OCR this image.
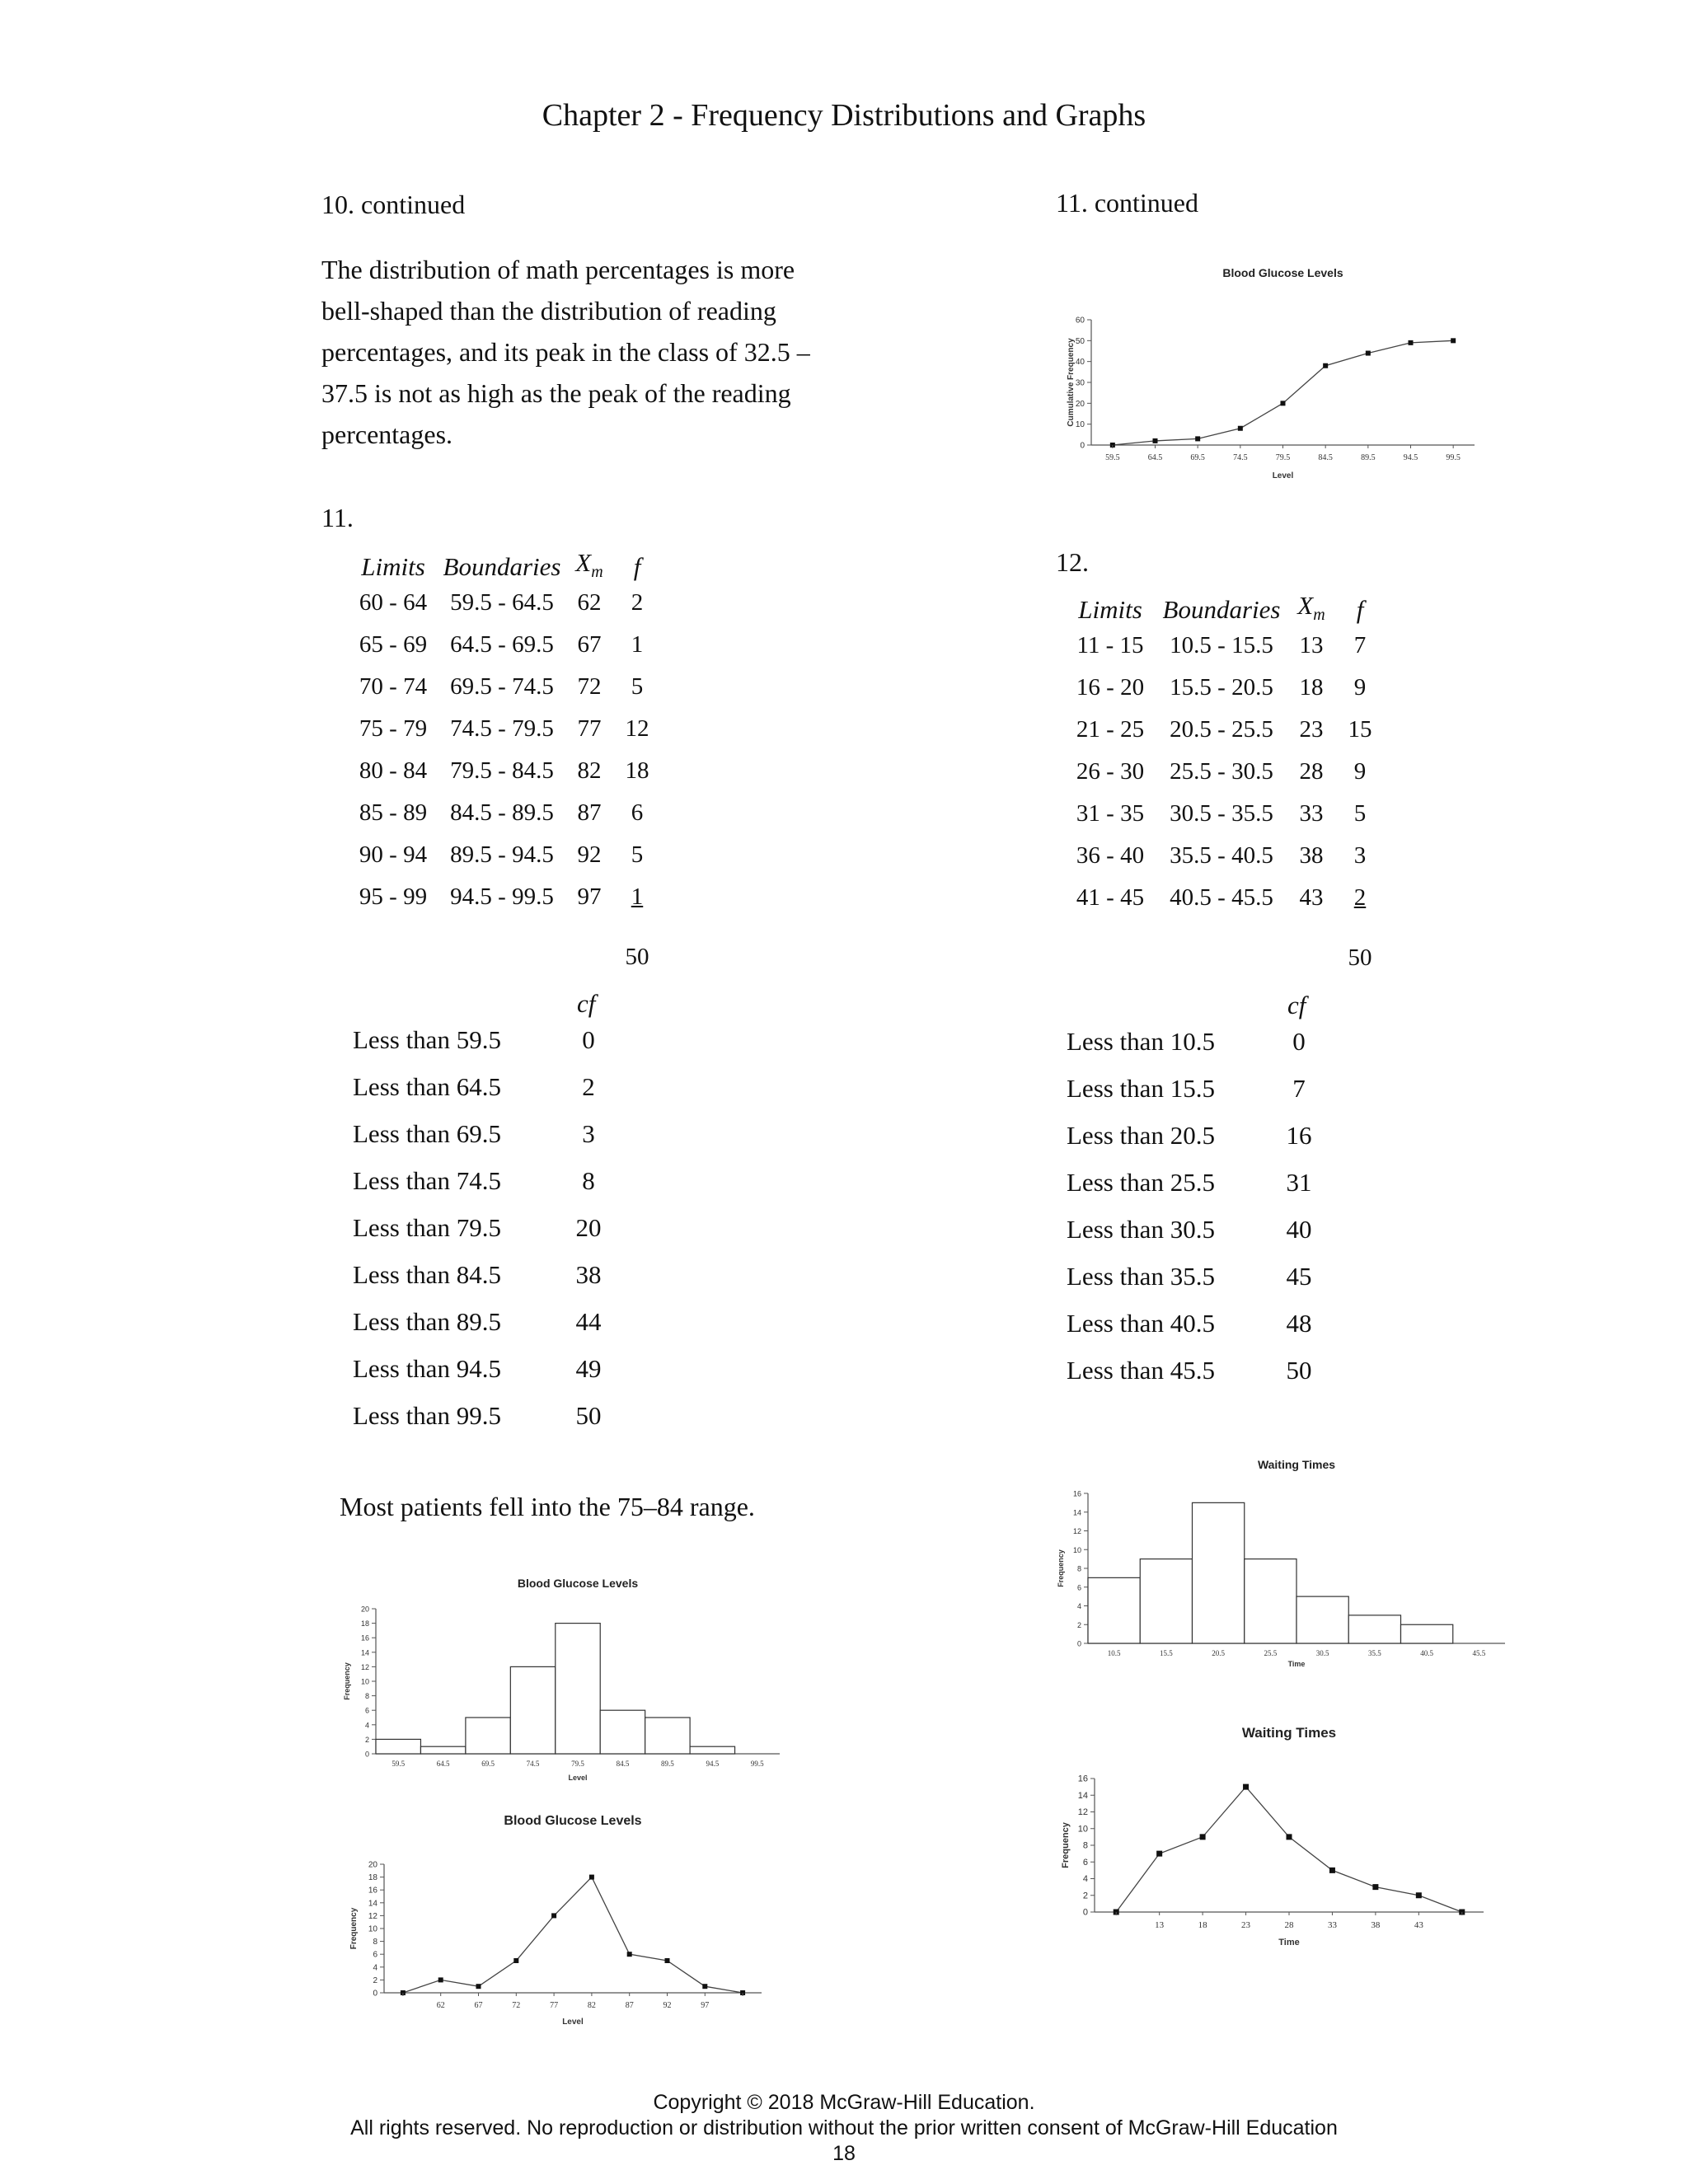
Chapter 2 - Frequency Distributions and Graphs
10. continued
The distribution of math percentages is more bell-shaped than the distribution of reading percentages, and its peak in the class of 32.5 – 37.5 is not as high as the peak of the reading percentages.
11.
Limits	Boundaries	$X_m$	f
60 - 64	59.5 - 64.5	62	2
65 - 69	64.5 - 69.5	67	1
70 - 74	69.5 - 74.5	72	5
75 - 79	74.5 - 79.5	77	12
80 - 84	79.5 - 84.5	82	18
85 - 89	84.5 - 89.5	87	6
90 - 94	89.5 - 94.5	92	5
95 - 99	94.5 - 99.5	97	1
			50
cf
Less than 59.5	0
Less than 64.5	2
Less than 69.5	3
Less than 74.5	8
Less than 79.5	20
Less than 84.5	38
Less than 89.5	44
Less than 94.5	49
Less than 99.5	50
Most patients fell into the 75–84 range.
Blood Glucose Levels
0
2
4
6
8
10
12
14
16
18
20
Frequency
Level
59.5	64.5	69.5	74.5	79.5	84.5	89.5	94.5	99.5
Blood Glucose Levels
0
2
4
6
8
10
12
14
16
18
20
Frequency
Level
62	67	72	77	82	87	92	97
11. continued
Blood Glucose Levels
0
10
20
30
40
50
60
Cumulative Frequency
Level
59.5	64.5	69.5	74.5	79.5	84.5	89.5	94.5	99.5
12.
Limits	Boundaries	$X_m$	f
11 - 15	10.5 - 15.5	13	7
16 - 20	15.5 - 20.5	18	9
21 - 25	20.5 - 25.5	23	15
26 - 30	25.5 - 30.5	28	9
31 - 35	30.5 - 35.5	33	5
36 - 40	35.5 - 40.5	38	3
41 - 45	40.5 - 45.5	43	2
			50
cf
Less than 10.5	0
Less than 15.5	7
Less than 20.5	16
Less than 25.5	31
Less than 30.5	40
Less than 35.5	45
Less than 40.5	48
Less than 45.5	50
Waiting Times
0
2
4
6
8
10
12
14
16
Frequency
Time
10.5	15.5	20.5	25.5	30.5	35.5	40.5	45.5
Waiting Times
0
2
4
6
8
10
12
14
16
Frequency
Time
13	18	23	28	33	38	43
Copyright © 2018 McGraw-Hill Education.
All rights reserved. No reproduction or distribution without the prior written consent of McGraw-Hill Education
18
